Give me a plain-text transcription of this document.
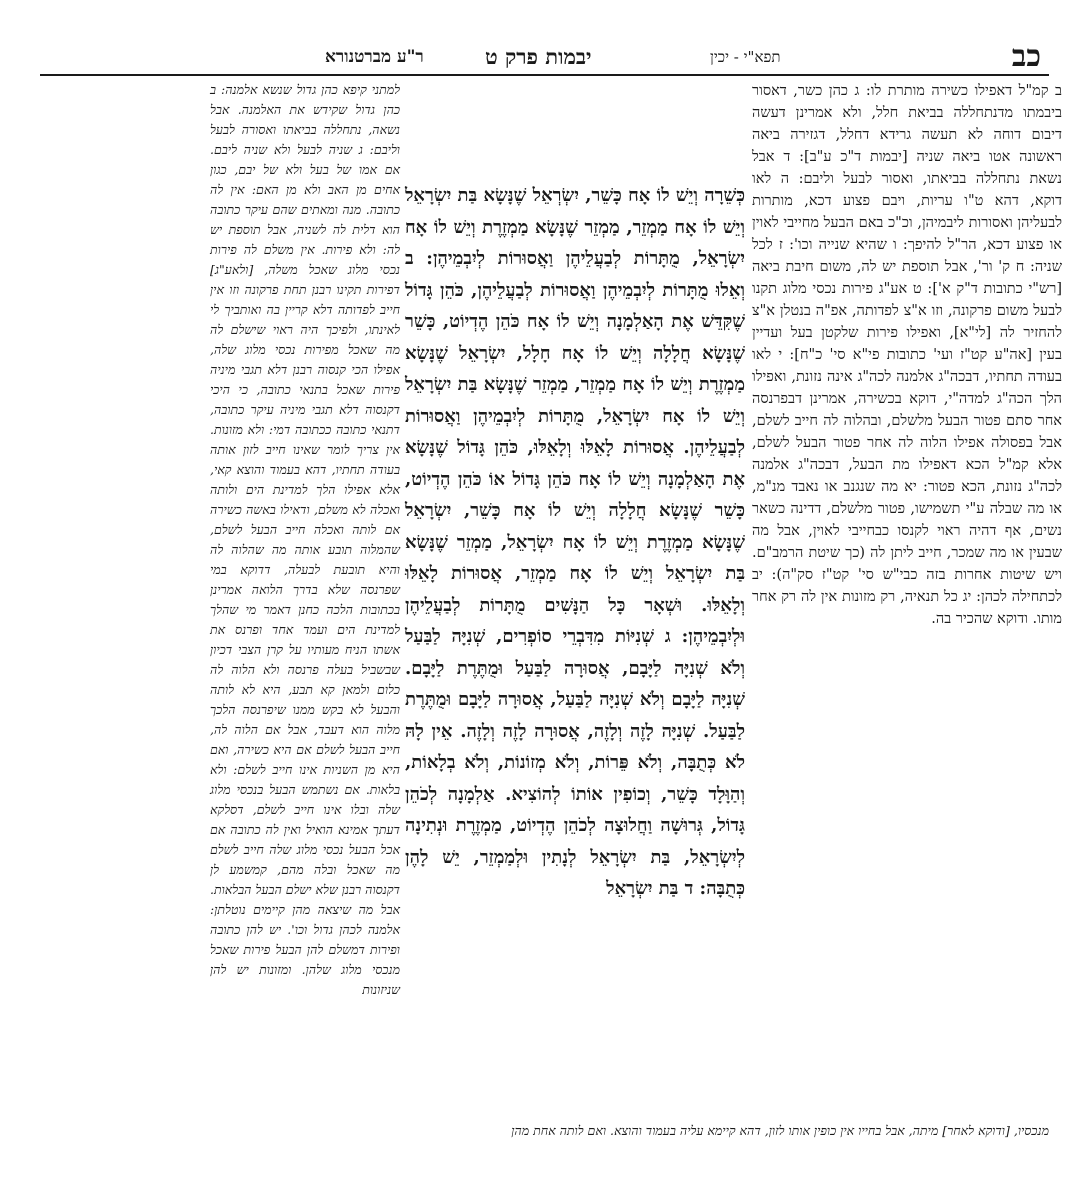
כב
תפא"י - יכין
יבמות פרק ט
ר"ע מברטנורא

ב קמ"ל דאפילו כשירה מותרת לו: ג כהן כשר, דאסור ביבמתו מדנתחללה בביאת חלל, ולא אמרינן דעשה דיבום דוחה לא תעשה גרידא דחלל, דגזירה ביאה ראשונה אטו ביאה שניה [יבמות ד"כ ע"ב]: ד אבל נשאת נתחללה בביאתו, ואסור לבעל וליבם: ה לאו דוקא, דהא ט"ו עריות, ויבם פצוע דכא, מותרות לבעליהן ואסורות ליבמיהן, וכ"כ באם הבעל מחייבי לאוין או פצוע דכא, הר"ל להיפך: ו שהיא שנייה וכו': ז לכל שניה: ח ק' ור', אבל תוספת יש לה, משום חיבת ביאה [רש"י כתובות ד"ק א']: ט אע"ג פירות נכסי מלוג תקנו לבעל משום פרקונה, וזו א"צ לפדותה, אפ"ה בנטלן א"צ להחזיר לה [לי"א], ואפילו פירות שלקטן בעל ועדיין בעין [אה"ע קט"ז ועי' כתובות פי"א סי' כ"ח]: י לאו בעודה תחתיו, דבכה"ג אלמנה לכה"ג אינה נזונת, ואפילו הלך הכה"ג למדה"י, דוקא בכשירה, אמרינן דבפרנסה אחר סתם פטור הבעל מלשלם, ובהלוה לה חייב לשלם, אבל בפסולה אפילו הלוה לה אחר פטור הבעל לשלם, אלא קמ"ל הכא דאפילו מת הבעל, דבכה"ג אלמנה לכה"ג נזונת, הכא פטור: יא מה שנגנב או נאבד מנ"מ, או מה שבלה ע"י תשמישו, פטור מלשלם, דדינה כשאר נשים, אף דהיה ראוי לקנסו כבחייבי לאוין, אבל מה שבעין או מה שמכר, חייב ליתן לה (כך שיטת הרמב"ם. ויש שיטות אחרות בזה כבי"ש סי' קט"ז סק"ה): יב לכתחילה לכהן: יג כל תנאיה, רק מזונות אין לה רק אחר מותו. ודוקא שהכיר בה.

כְּשֵׁרָה וְיֵשׁ לוֹ אָח כָּשֵׁר, יִשְׂרְאֵל שֶׁנָּשָׂא בַּת יִשְׂרָאֵל וְיֵשׁ לוֹ אָח מַמְזֵר, מַמְזֵר שֶׁנָּשָׂא מַמְזֶרֶת וְיֵשׁ לוֹ אָח יִשְׂרָאֵל, מֻתָּרוֹת לְבַעֲלֵיהֶן וַאֲסוּרוֹת לְיִבְמֵיהֶן: ב וְאֵלוּ מֻתָּרוֹת לְיִבְמֵיהֶן וַאֲסוּרוֹת לְבַעֲלֵיהֶן, כֹּהֵן גָּדוֹל שֶׁקִּדֵּשׁ אֶת הָאַלְמָנָה וְיֵשׁ לוֹ אָח כֹּהֵן הֶדְיוֹט, כָּשֵׁר שֶׁנָּשָׂא חֲלָלָה וְיֵשׁ לוֹ אָח חָלָל, יִשְׂרָאֵל שֶׁנָּשָׂא מַמְזֶרֶת וְיֵשׁ לוֹ אָח מַמְזֵר, מַמְזֵר שֶׁנָּשָׂא בַּת יִשְׂרָאֵל וְיֵשׁ לוֹ אָח יִשְׂרָאֵל, מֻתָּרוֹת לְיִבְמֵיהֶן וַאֲסוּרוֹת לְבַעֲלֵיהֶן. אֲסוּרוֹת לָאֵלּוּ וְלָאֵלּוּ, כֹּהֵן גָּדוֹל שֶׁנָּשָׂא אֶת הָאַלְמָנָה וְיֵשׁ לוֹ אָח כֹּהֵן גָּדוֹל אוֹ כֹּהֵן הֶדְיוֹט, כָּשֵׁר שֶׁנָּשָׂא חֲלָלָה וְיֵשׁ לוֹ אָח כָּשֵׁר, יִשְׂרָאֵל שֶׁנָּשָׂא מַמְזֶרֶת וְיֵשׁ לוֹ אָח יִשְׂרָאֵל, מַמְזֵר שֶׁנָּשָׂא בַּת יִשְׂרָאֵל וְיֵשׁ לוֹ אָח מַמְזֵר, אֲסוּרוֹת לָאֵלּוּ וְלָאֵלּוּ. וּשְׁאָר כָּל הַנָּשִׁים מֻתָּרוֹת לְבַעֲלֵיהֶן וּלְיִבְמֵיהֶן: ג שְׁנִיּוֹת מִדִּבְרֵי סוֹפְרִים, שְׁנִיָּה לַבַּעַל וְלֹא שְׁנִיָּה לַיָּבָם, אֲסוּרָה לַבַּעַל וּמֻתֶּרֶת לַיָּבָם. שְׁנִיָּה לַיָּבָם וְלֹא שְׁנִיָּה לַבַּעַל, אֲסוּרָה לַיָּבָם וּמֻתֶּרֶת לַבַּעַל. שְׁנִיָּה לָזֶה וְלָזֶה, אֲסוּרָה לָזֶה וְלָזֶה. אֵין לָהּ לֹא כְּתֻבָּה, וְלֹא פֵּרוֹת, וְלֹא מְזוֹנוֹת, וְלֹא בְלָאוֹת, וְהַוָּלָד כָּשֵׁר, וְכוֹפִין אוֹתוֹ לְהוֹצִיא. אַלְמָנָה לְכֹהֵן גָּדוֹל, גְּרוּשָׁה וַחֲלוּצָה לְכֹהֵן הֶדְיוֹט, מַמְזֶרֶת וּנְתִינָה לְיִשְׂרָאֵל, בַּת יִשְׂרָאֵל לְנָתִין וּלְמַמְזֵר, יֵשׁ לָהֶן כְּתֻבָּה: ד בַּת יִשְׂרָאֵל

למתני קיפא כהן גדול שנשא אלמנה: ב כהן גדול שקידש את האלמנה. אבל נשאה, נתחללה בביאתו ואסורה לבעל וליבם: ג שניה לבעל ולא שניה ליבם. אם אמו של בעל ולא של יבם, כגון אחים מן האב ולא מן האם: אין לה כתובה. מנה ומאתים שהם עיקר כתובה הוא דלית לה לשניה, אבל תוספת יש לה: ולא פירות. אין משלם לה פירות נכסי מלוג שאכל משלה, [ולאע"ג] דפירות תקינו רבנן תחת פרקונה וזו אין חייב לפדותה דלא קריין בה ואותביך לי לאינתו, ולפיכך היה ראוי שישלם לה מה שאכל מפירות נכסי מלוג שלה, אפילו הכי קנסוה רבנן דלא תגבי מיניה פירות שאכל בתנאי כתובה, כי היכי דקנסוה דלא תגבי מיניה עיקר כתובה, דתנאי כתובה ככתובה דמי: ולא מזונות. אין צריך לומר שאינו חייב לזון אותה בעודה תחתיו, דהא בעמוד והוצא קאי, אלא אפילו הלך למדינת הים ולותה ואכלה לא משלם, ודאילו באשה כשירה אם לותה ואכלה חייב הבעל לשלם, שהמלוה תובע אותה מה שהלוה לה והיא תובעת לבעלה, דדוקא במי שפרנסה שלא בדרך הלואה אמרינן בכתובות הלכה כחנן דאמר מי שהלך למדינת הים ועמד אחד ופרנס את אשתו הניח מעותיו על קרן הצבי דכיון שבשביל בעלה פרנסה ולא הלוה לה כלום ולמאן קא תבע, היא לא לותה והבעל לא בקש ממנו שיפרנסה הלכך מלוה הוא דעבד, אבל אם הלוה לה, חייב הבעל לשלם אם היא כשירה, ואם היא מן השניות אינו חייב לשלם: ולא בלאות. אם נשתמש הבעל בנכסי מלוג שלה ובלו אינו חייב לשלם, דסלקא דעתך אמינא הואיל ואין לה כתובה אם אכל הבעל נכסי מלוג שלה חייב לשלם מה שאכל ובלה מהם, קמשמע לן דקנסוה רבנן שלא ישלם הבעל הבלאות. אבל מה שיצאה מהן קיימים נוטלתן: אלמנה לכהן גדול וכו'. יש להן כתובה ופירות דמשלם להן הבעל פירות שאכל מנכסי מלוג שלהן. ומזונות יש להן שניזונות

מנכסיו, [ודוקא לאחר] מיתה, אבל בחייו אין כופין אותו לזון, דהא קיימא עליה בעמוד והוצא. ואם לותה אחת מהן
